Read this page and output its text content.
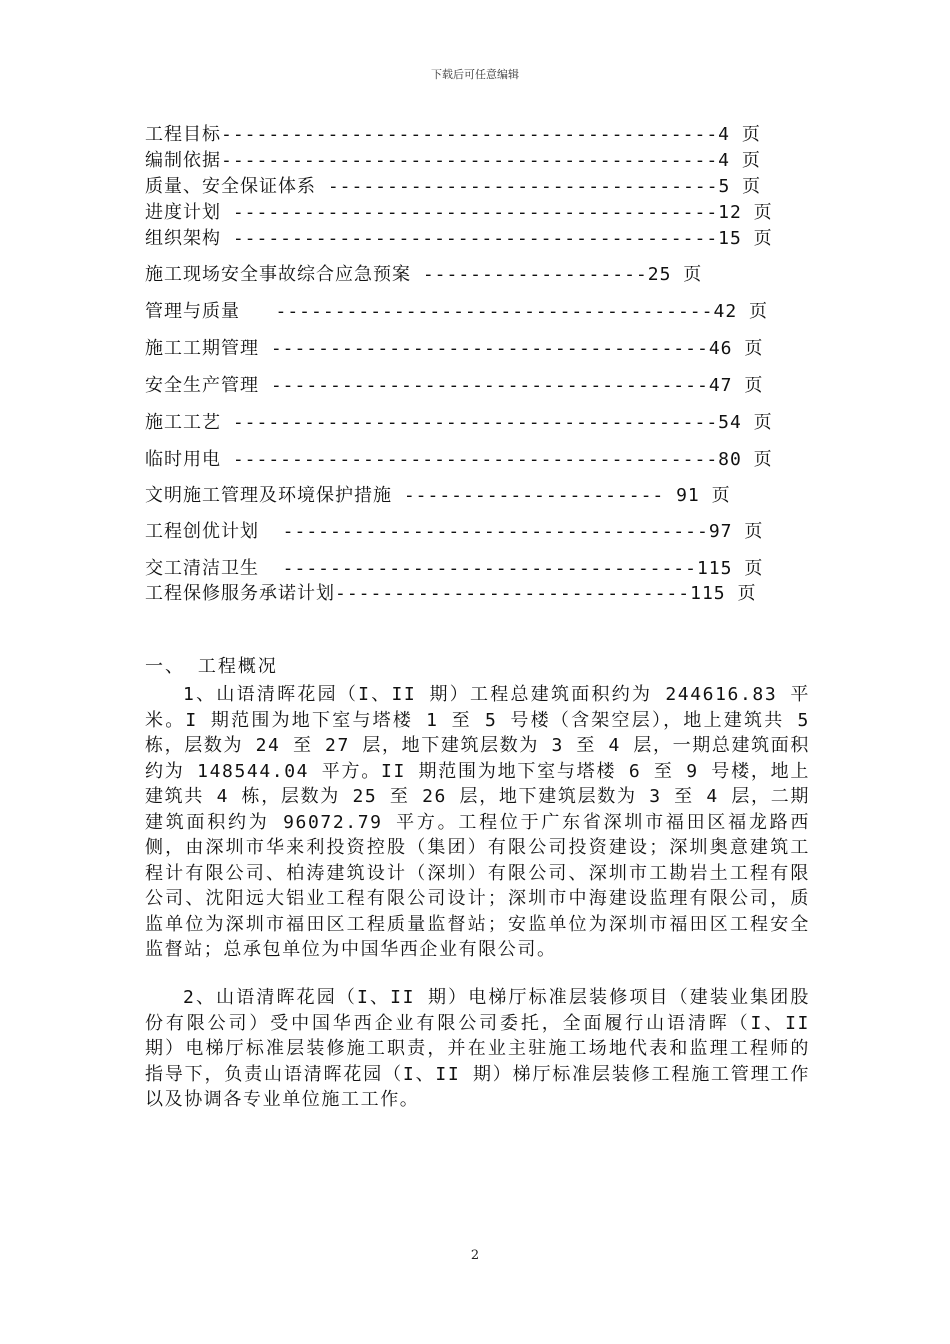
下载后可任意编辑
工程目标------------------------------------------4 页
编制依据------------------------------------------4 页
质量、安全保证体系 ---------------------------------5 页
进度计划 -----------------------------------------12 页
组织架构 -----------------------------------------15 页
施工现场安全事故综合应急预案 -------------------25 页
管理与质量   -------------------------------------42 页
施工工期管理 -------------------------------------46 页
安全生产管理 -------------------------------------47 页
施工工艺 -----------------------------------------54 页
临时用电 -----------------------------------------80 页
文明施工管理及环境保护措施 ---------------------- 91 页
工程创优计划  ------------------------------------97 页
交工清洁卫生  -----------------------------------115 页
工程保修服务承诺计划------------------------------115 页
一、 工程概况

1、山语清晖花园（I、II 期）工程总建筑面积约为 244616.83 平米。I 期范围为地下室与塔楼 1 至 5 号楼（含架空层），地上建筑共 5 栋，层数为 24 至 27 层，地下建筑层数为 3 至 4 层，一期总建筑面积约为 148544.04 平方。II 期范围为地下室与塔楼 6 至 9 号楼，地上建筑共 4 栋，层数为 25 至 26 层，地下建筑层数为 3 至 4 层，二期建筑面积约为 96072.79 平方。工程位于广东省深圳市福田区福龙路西侧，由深圳市华来利投资控股（集团）有限公司投资建设；深圳奥意建筑工程计有限公司、柏涛建筑设计（深圳）有限公司、深圳市工勘岩土工程有限公司、沈阳远大铝业工程有限公司设计；深圳市中海建设监理有限公司，质监单位为深圳市福田区工程质量监督站；安监单位为深圳市福田区工程安全监督站；总承包单位为中国华西企业有限公司。

2、山语清晖花园（I、II 期）电梯厅标准层装修项目（建装业集团股份有限公司）受中国华西企业有限公司委托，全面履行山语清晖（I、II 期）电梯厅标准层装修施工职责，并在业主驻施工场地代表和监理工程师的指导下，负责山语清晖花园（I、II 期）梯厅标准层装修工程施工管理工作以及协调各专业单位施工工作。

2
